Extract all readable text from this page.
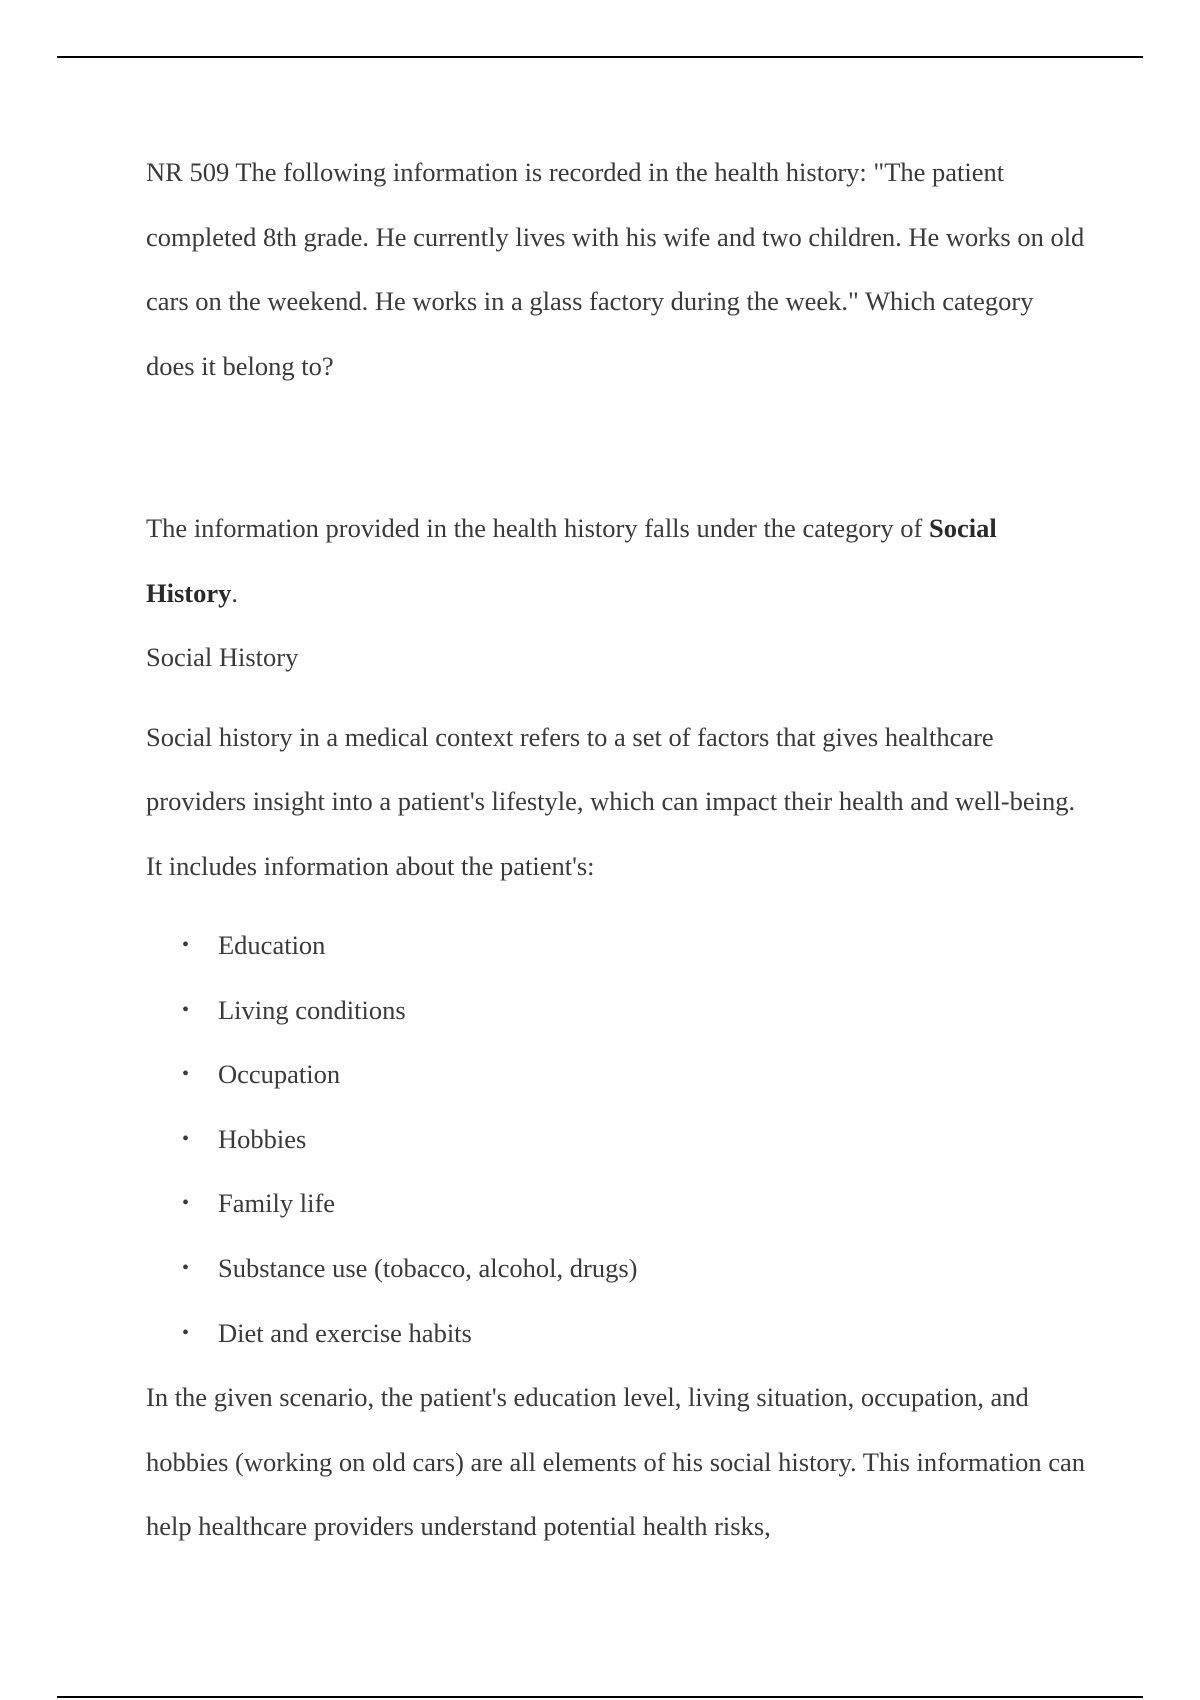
NR 509 The following information is recorded in the health history: "The patient completed 8th grade. He currently lives with his wife and two children. He works on old cars on the weekend. He works in a glass factory during the week." Which category does it belong to?

The information provided in the health history falls under the category of Social History.

Social History

Social history in a medical context refers to a set of factors that gives healthcare providers insight into a patient's lifestyle, which can impact their health and well-being. It includes information about the patient's:

• Education
• Living conditions
• Occupation
• Hobbies
• Family life
• Substance use (tobacco, alcohol, drugs)
• Diet and exercise habits

In the given scenario, the patient's education level, living situation, occupation, and hobbies (working on old cars) are all elements of his social history. This information can help healthcare providers understand potential health risks,
